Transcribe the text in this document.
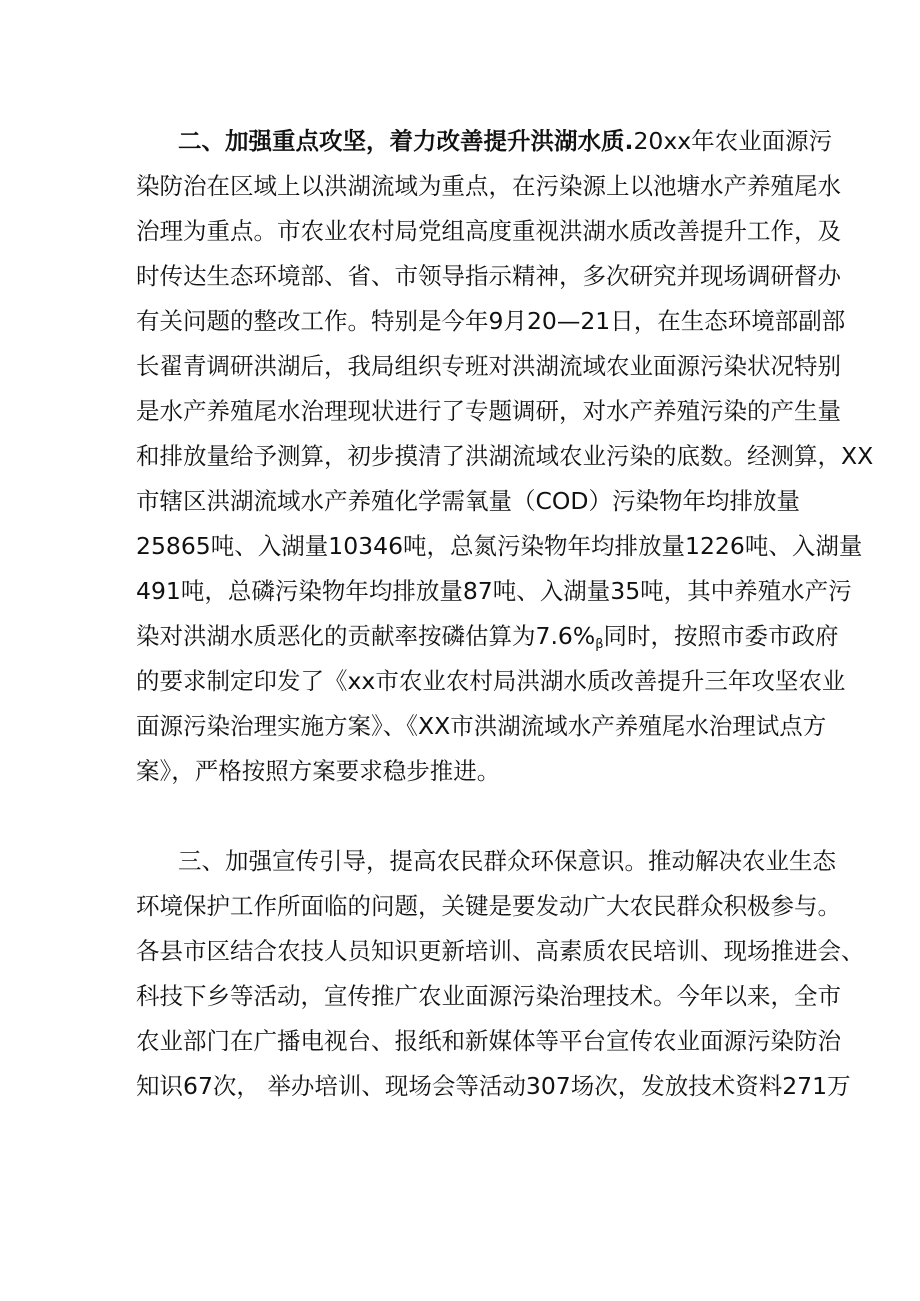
二、加强重点攻坚，着力改善提升洪湖水质.20xx年农业面源污
染防治在区域上以洪湖流域为重点，在污染源上以池塘水产养殖尾水
治理为重点。市农业农村局党组高度重视洪湖水质改善提升工作，及
时传达生态环境部、省、市领导指示精神，多次研究并现场调研督办
有关问题的整改工作。特别是今年9月20—21日，在生态环境部副部
长翟青调研洪湖后，我局组织专班对洪湖流域农业面源污染状况特别
是水产养殖尾水治理现状进行了专题调研，对水产养殖污染的产生量
和排放量给予测算，初步摸清了洪湖流域农业污染的底数。经测算，XX
市辖区洪湖流域水产养殖化学需氧量（COD）污染物年均排放量
25865吨、入湖量10346吨，总氮污染物年均排放量1226吨、入湖量
491吨，总磷污染物年均排放量87吨、入湖量35吨，其中养殖水产污
染对洪湖水质恶化的贡献率按磷估算为$7.6\%_\beta$同时，按照市委市政府
的要求制定印发了《xx市农业农村局洪湖水质改善提升三年攻坚农业
面源污染治理实施方案》、《XX市洪湖流域水产养殖尾水治理试点方
案》，严格按照方案要求稳步推进。
三、加强宣传引导，提高农民群众环保意识。推动解决农业生态
环境保护工作所面临的问题，关键是要发动广大农民群众积极参与。
各县市区结合农技人员知识更新培训、高素质农民培训、现场推进会、
科技下乡等活动，宣传推广农业面源污染治理技术。今年以来，全市
农业部门在广播电视台、报纸和新媒体等平台宣传农业面源污染防治
知识67次， 举办培训、现场会等活动307场次，发放技术资料271万
